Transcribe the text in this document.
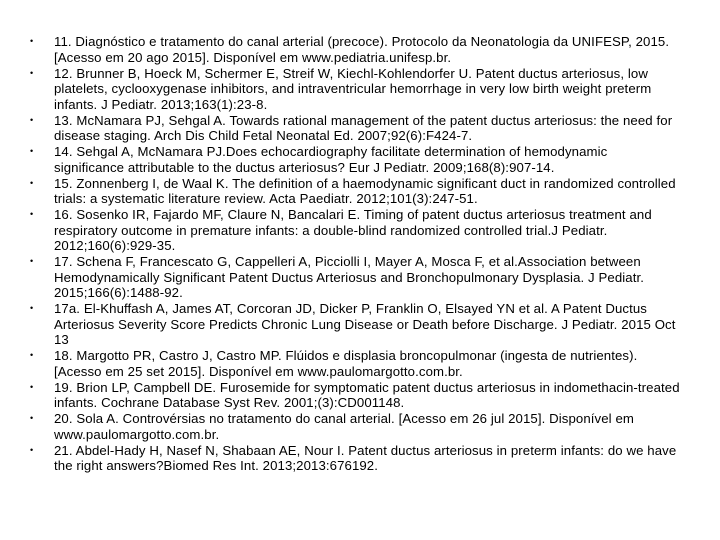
• 11. Diagnóstico e tratamento do canal arterial (precoce). Protocolo da Neonatologia da UNIFESP, 2015. [Acesso em 20 ago 2015]. Disponível em www.pediatria.unifesp.br.
• 12. Brunner B, Hoeck M, Schermer E, Streif W, Kiechl-Kohlendorfer U. Patent ductus arteriosus, low platelets, cyclooxygenase inhibitors, and intraventricular hemorrhage in very low birth weight preterm infants. J Pediatr. 2013;163(1):23-8.
• 13. McNamara PJ, Sehgal A. Towards rational management of the patent ductus arteriosus: the need for disease staging. Arch Dis Child Fetal Neonatal Ed. 2007;92(6):F424-7.
• 14. Sehgal A, McNamara PJ.Does echocardiography facilitate determination of hemodynamic significance attributable to the ductus arteriosus? Eur J Pediatr. 2009;168(8):907-14.
• 15. Zonnenberg I, de Waal K. The definition of a haemodynamic significant duct in randomized controlled trials: a systematic literature review. Acta Paediatr. 2012;101(3):247-51.
• 16. Sosenko IR, Fajardo MF, Claure N, Bancalari E. Timing of patent ductus arteriosus treatment and respiratory outcome in premature infants: a double-blind randomized controlled trial.J Pediatr. 2012;160(6):929-35.
• 17. Schena F, Francescato G, Cappelleri A, Picciolli I, Mayer A, Mosca F, et al.Association between Hemodynamically Significant Patent Ductus Arteriosus and Bronchopulmonary Dysplasia. J Pediatr. 2015;166(6):1488-92.
• 17a. El-Khuffash A, James AT, Corcoran JD, Dicker P, Franklin O, Elsayed YN et al. A Patent Ductus Arteriosus Severity Score Predicts Chronic Lung Disease or Death before Discharge. J Pediatr. 2015 Oct 13
• 18. Margotto PR, Castro J, Castro MP. Flúidos e displasia broncopulmonar (ingesta de nutrientes). [Acesso em 25 set 2015]. Disponível em www.paulomargotto.com.br.
• 19. Brion LP, Campbell DE. Furosemide for symptomatic patent ductus arteriosus in indomethacin-treated infants. Cochrane Database Syst Rev. 2001;(3):CD001148.
• 20. Sola A. Controvérsias no tratamento do canal arterial. [Acesso em 26 jul 2015]. Disponível em www.paulomargotto.com.br.
• 21. Abdel-Hady H, Nasef N, Shabaan AE, Nour I. Patent ductus arteriosus in preterm infants: do we have the right answers?Biomed Res Int. 2013;2013:676192.
